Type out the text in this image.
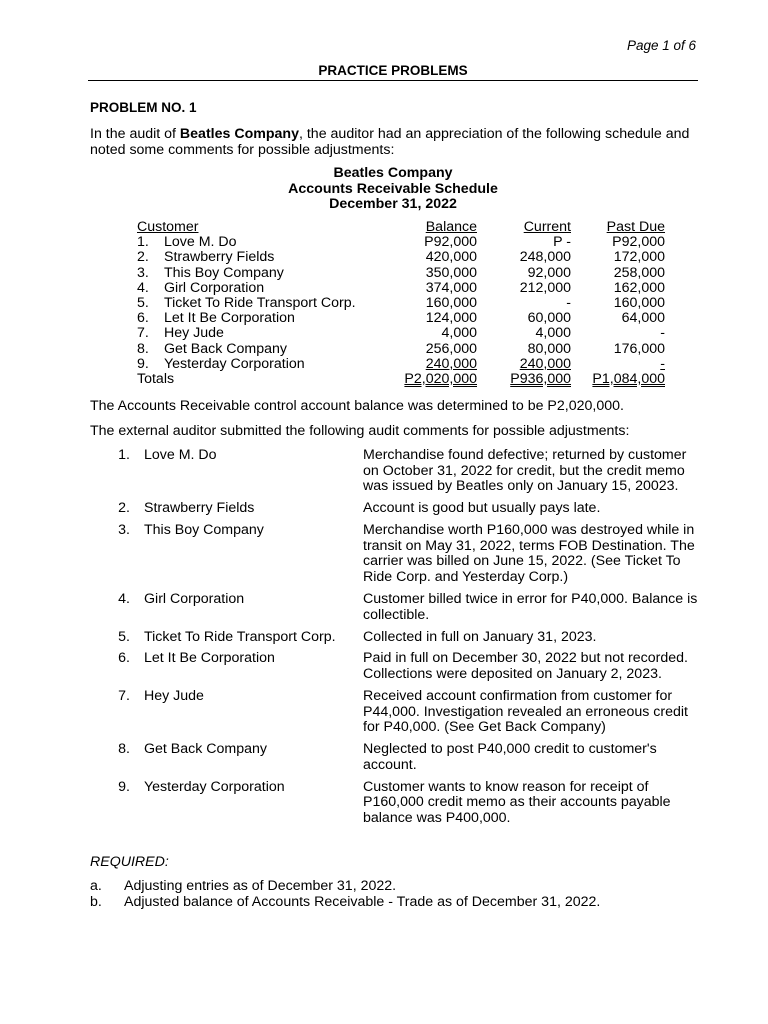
Page 1 of 6
PRACTICE PROBLEMS
PROBLEM NO. 1
In the audit of Beatles Company, the auditor had an appreciation of the following schedule and noted some comments for possible adjustments:
Beatles Company
Accounts Receivable Schedule
December 31, 2022
Customer		Balance	Current	Past Due
1.	Love M. Do	P92,000	P -	P92,000
2.	Strawberry Fields	420,000	248,000	172,000
3.	This Boy Company	350,000	92,000	258,000
4.	Girl Corporation	374,000	212,000	162,000
5.	Ticket To Ride Transport Corp.	160,000	-	160,000
6.	Let It Be Corporation	124,000	60,000	64,000
7.	Hey Jude	4,000	4,000	-
8.	Get Back Company	256,000	80,000	176,000
9.	Yesterday Corporation	240,000	240,000	-
Totals		P2,020,000	P936,000	P1,084,000
The Accounts Receivable control account balance was determined to be P2,020,000.
The external auditor submitted the following audit comments for possible adjustments:
1. Love M. Do	Merchandise found defective; returned by customer on October 31, 2022 for credit, but the credit memo was issued by Beatles only on January 15, 20023.
2. Strawberry Fields	Account is good but usually pays late.
3. This Boy Company	Merchandise worth P160,000 was destroyed while in transit on May 31, 2022, terms FOB Destination. The carrier was billed on June 15, 2022. (See Ticket To Ride Corp. and Yesterday Corp.)
4. Girl Corporation	Customer billed twice in error for P40,000. Balance is collectible.
5. Ticket To Ride Transport Corp.	Collected in full on January 31, 2023.
6. Let It Be Corporation	Paid in full on December 30, 2022 but not recorded. Collections were deposited on January 2, 2023.
7. Hey Jude	Received account confirmation from customer for P44,000. Investigation revealed an erroneous credit for P40,000. (See Get Back Company)
8. Get Back Company	Neglected to post P40,000 credit to customer's account.
9. Yesterday Corporation	Customer wants to know reason for receipt of P160,000 credit memo as their accounts payable balance was P400,000.
REQUIRED:
a.	Adjusting entries as of December 31, 2022.
b.	Adjusted balance of Accounts Receivable - Trade as of December 31, 2022.
